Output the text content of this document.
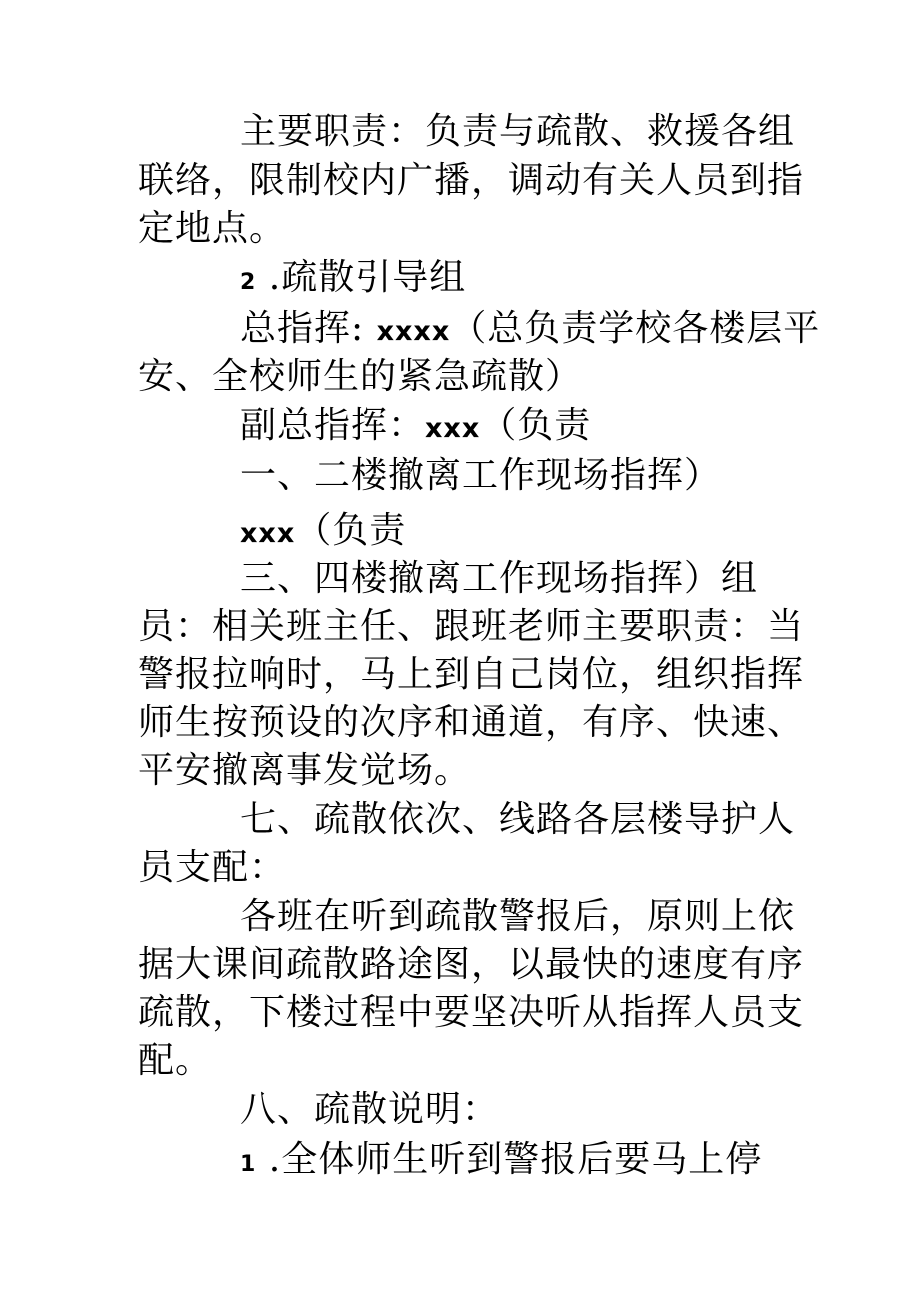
主要职责：负责与疏散、救援各组
联络，限制校内广播，调动有关人员到指
定地点。
2 .疏散引导组
总指挥: xxxx（总负责学校各楼层平
安、全校师生的紧急疏散）
副总指挥：xxx（负责
一、二楼撤离工作现场指挥）
xxx（负责
三、四楼撤离工作现场指挥）组
员：相关班主任、跟班老师主要职责：当
警报拉响时，马上到自己岗位，组织指挥
师生按预设的次序和通道，有序、快速、
平安撤离事发觉场。
七、疏散依次、线路各层楼导护人
员支配：
各班在听到疏散警报后，原则上依
据大课间疏散路途图，以最快的速度有序
疏散，下楼过程中要坚决听从指挥人员支
配。
八、疏散说明：
1 .全体师生听到警报后要马上停
